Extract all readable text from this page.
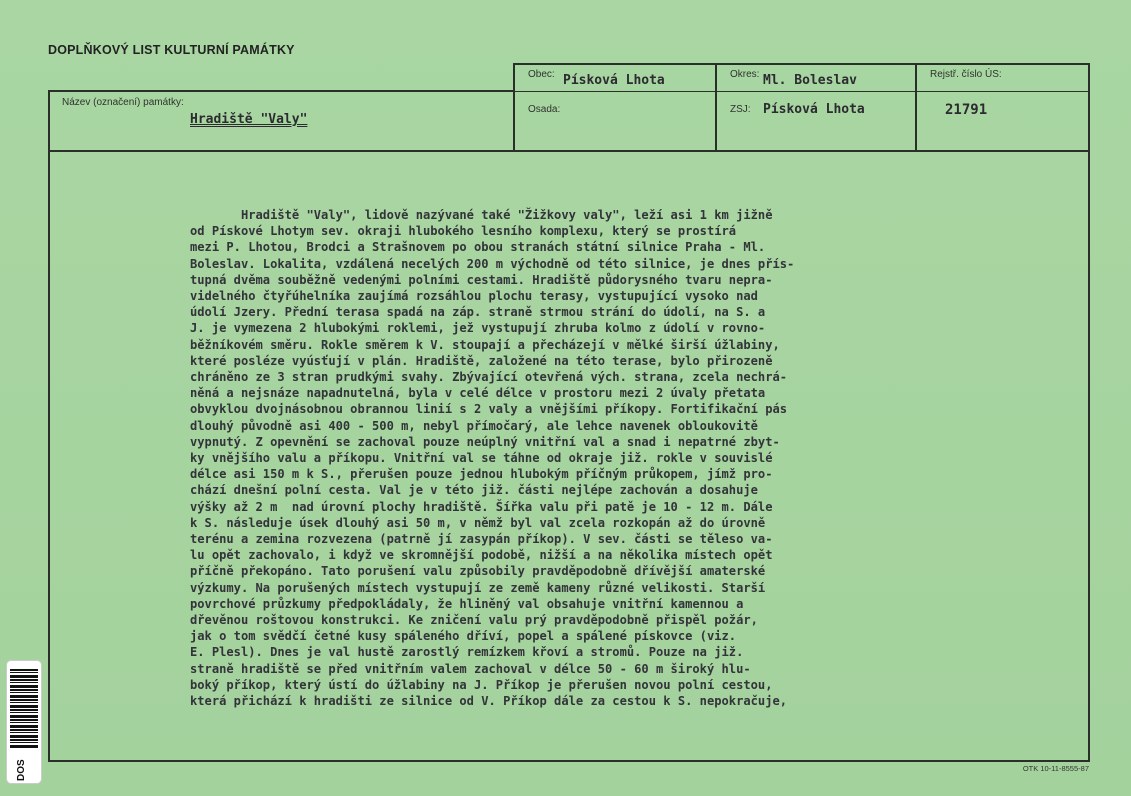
DOPLŇKOVÝ LIST KULTURNÍ PAMÁTKY
Obec: Písková Lhota	Okres: Ml. Boleslav	Rejstř. číslo ÚS:
21791
Osada:	ZSJ: Písková Lhota
Název (označení) památky:
Hradiště "Valy"
Hradiště "Valy", lidově nazývané také "Žižkovy valy", leží asi 1 km jižně
od Pískové Lhotym sev. okraji hlubokého lesního komplexu, který se prostírá
mezi P. Lhotou, Brodci a Strašnovem po obou stranách státní silnice Praha - Ml.
Boleslav. Lokalita, vzdálená necelých 200 m východně od této silnice, je dnes přís-
tupná dvěma souběžně vedenými polními cestami. Hradiště půdorysného tvaru nepra-
videlného čtyřúhelníka zaujímá rozsáhlou plochu terasy, vystupující vysoko nad
údolí Jzery. Přední terasa spadá na záp. straně strmou strání do údolí, na S. a
J. je vymezena 2 hlubokými roklemi, jež vystupují zhruba kolmo z údolí v rovno-
běžníkovém směru. Rokle směrem k V. stoupají a přecházejí v mělké širší úžlabiny,
které posléze vyúsťují v plán. Hradiště, založené na této terase, bylo přirozeně
chráněno ze 3 stran prudkými svahy. Zbývající otevřená vých. strana, zcela nechrá-
něná a nejsnáze napadnutelná, byla v celé délce v prostoru mezi 2 úvaly přetata
obvyklou dvojnásobnou obrannou linií s 2 valy a vnějšími příkopy. Fortifikační pás
dlouhý původně asi 400 - 500 m, nebyl přímočarý, ale lehce navenek obloukovitě
vypnutý. Z opevnění se zachoval pouze neúplný vnitřní val a snad i nepatrné zbyt-
ky vnějšího valu a příkopu. Vnitřní val se táhne od okraje již. rokle v souvislé
délce asi 150 m k S., přerušen pouze jednou hlubokým příčným průkopem, jímž pro-
chází dnešní polní cesta. Val je v této již. části nejlépe zachován a dosahuje
výšky až 2 m  nad úrovní plochy hradiště. Šířka valu při patě je 10 - 12 m. Dále
k S. následuje úsek dlouhý asi 50 m, v němž byl val zcela rozkopán až do úrovně
terénu a zemina rozvezena (patrně jí zasypán příkop). V sev. části se těleso va-
lu opět zachovalo, i když ve skromnější podobě, nižší a na několika místech opět
příčně překopáno. Tato porušení valu způsobily pravděpodobně dřívější amaterské
výzkumy. Na porušených místech vystupují ze země kameny různé velikosti. Starší
povrchové průzkumy předpokládaly, že hliněný val obsahuje vnitřní kamennou a
dřevěnou roštovou konstrukci. Ke zničení valu prý pravděpodobně přispěl požár,
jak o tom svědčí četné kusy spáleného dříví, popel a spálené pískovce (viz.
E. Plesl). Dnes je val hustě zarostlý remízkem křoví a stromů. Pouze na již.
straně hradiště se před vnitřním valem zachoval v délce 50 - 60 m široký hlu-
boký příkop, který ústí do úžlabiny na J. Příkop je přerušen novou polní cestou,
která přichází k hradišti ze silnice od V. Příkop dále za cestou k S. nepokračuje,
OTK 10-11-8555-87
DOS
